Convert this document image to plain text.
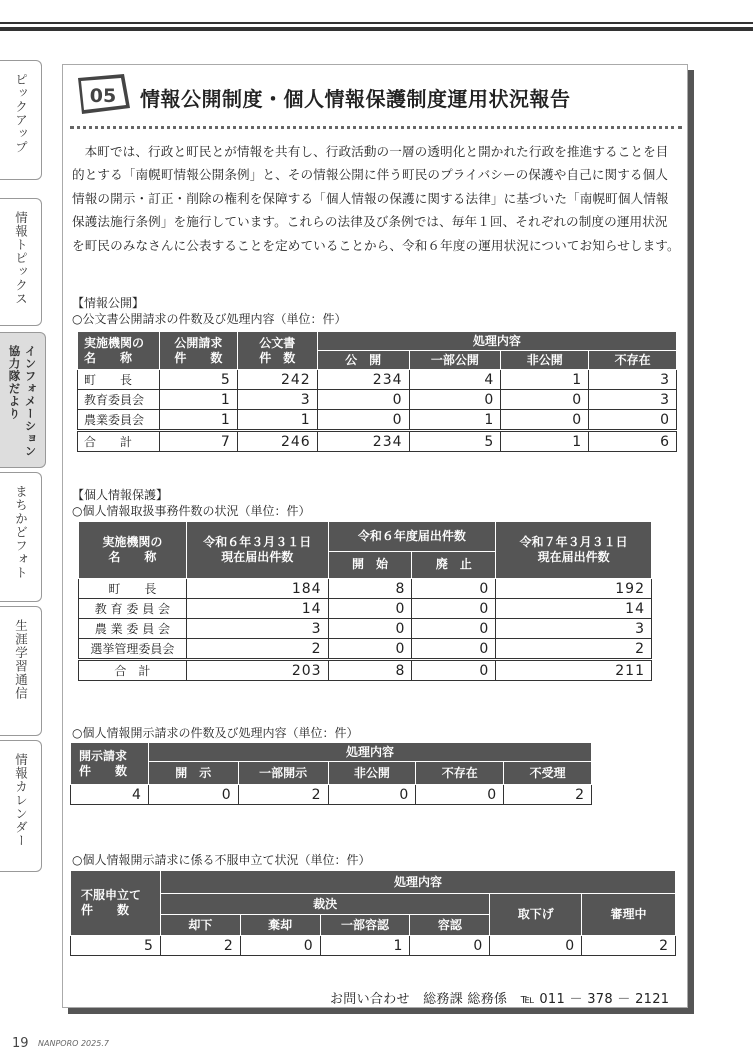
ピックアップ
情報トピックス
インフォメーション協力隊だより
まちかどフォト
生涯学習通信
情報カレンダー
05 情報公開制度・個人情報保護制度運用状況報告
本町では、行政と町民とが情報を共有し、行政活動の一層の透明化と開かれた行政を推進することを目的とする「南幌町情報公開条例」と、その情報公開に伴う町民のプライバシーの保護や自己に関する個人情報の開示・訂正・削除の権利を保障する「個人情報の保護に関する法律」に基づいた「南幌町個人情報保護法施行条例」を施行しています。これらの法律及び条例では、毎年１回、それぞれの制度の運用状況を町民のみなさんに公表することを定めていることから、令和６年度の運用状況についてお知らせします。
【情報公開】
○公文書公開請求の件数及び処理内容（単位：件）
実施機関の
名　　称	公開請求
件　　数	公文書
件　数	処理内容			
			公　開	一部公開	非公開	不存在
町　　長	5	242	234	4	1	3
教育委員会	1	3	0	0	0	3
農業委員会	1	1	0	1	0	0
合　　計	7	246	234	5	1	6
【個人情報保護】
○個人情報取扱事務件数の状況（単位：件）
実施機関の
名　　称	令和６年３月３１日
現在届出件数	令和６年度届出件数		令和７年３月３１日
現在届出件数
		開　始	廃　止	
町　　長	184	8	0	192
教 育 委 員 会	14	0	0	14
農 業 委 員 会	3	0	0	3
選挙管理委員会	2	0	0	2
合　計	203	8	0	211
○個人情報開示請求の件数及び処理内容（単位：件）
開示請求
件　　数	処理内容				
	開　示	一部開示	非公開	不存在	不受理
4	0	2	0	0	2
○個人情報開示請求に係る不服申立て状況（単位：件）
不服申立て
件　　数	処理内容					
	裁決				取下げ	審理中
	却下	棄却	一部容認	容認		
5	2	0	1	0	0	2
お問い合わせ　総務課 総務係　℡ 011 － 378 － 2121
19 NANPORO 2025.7
